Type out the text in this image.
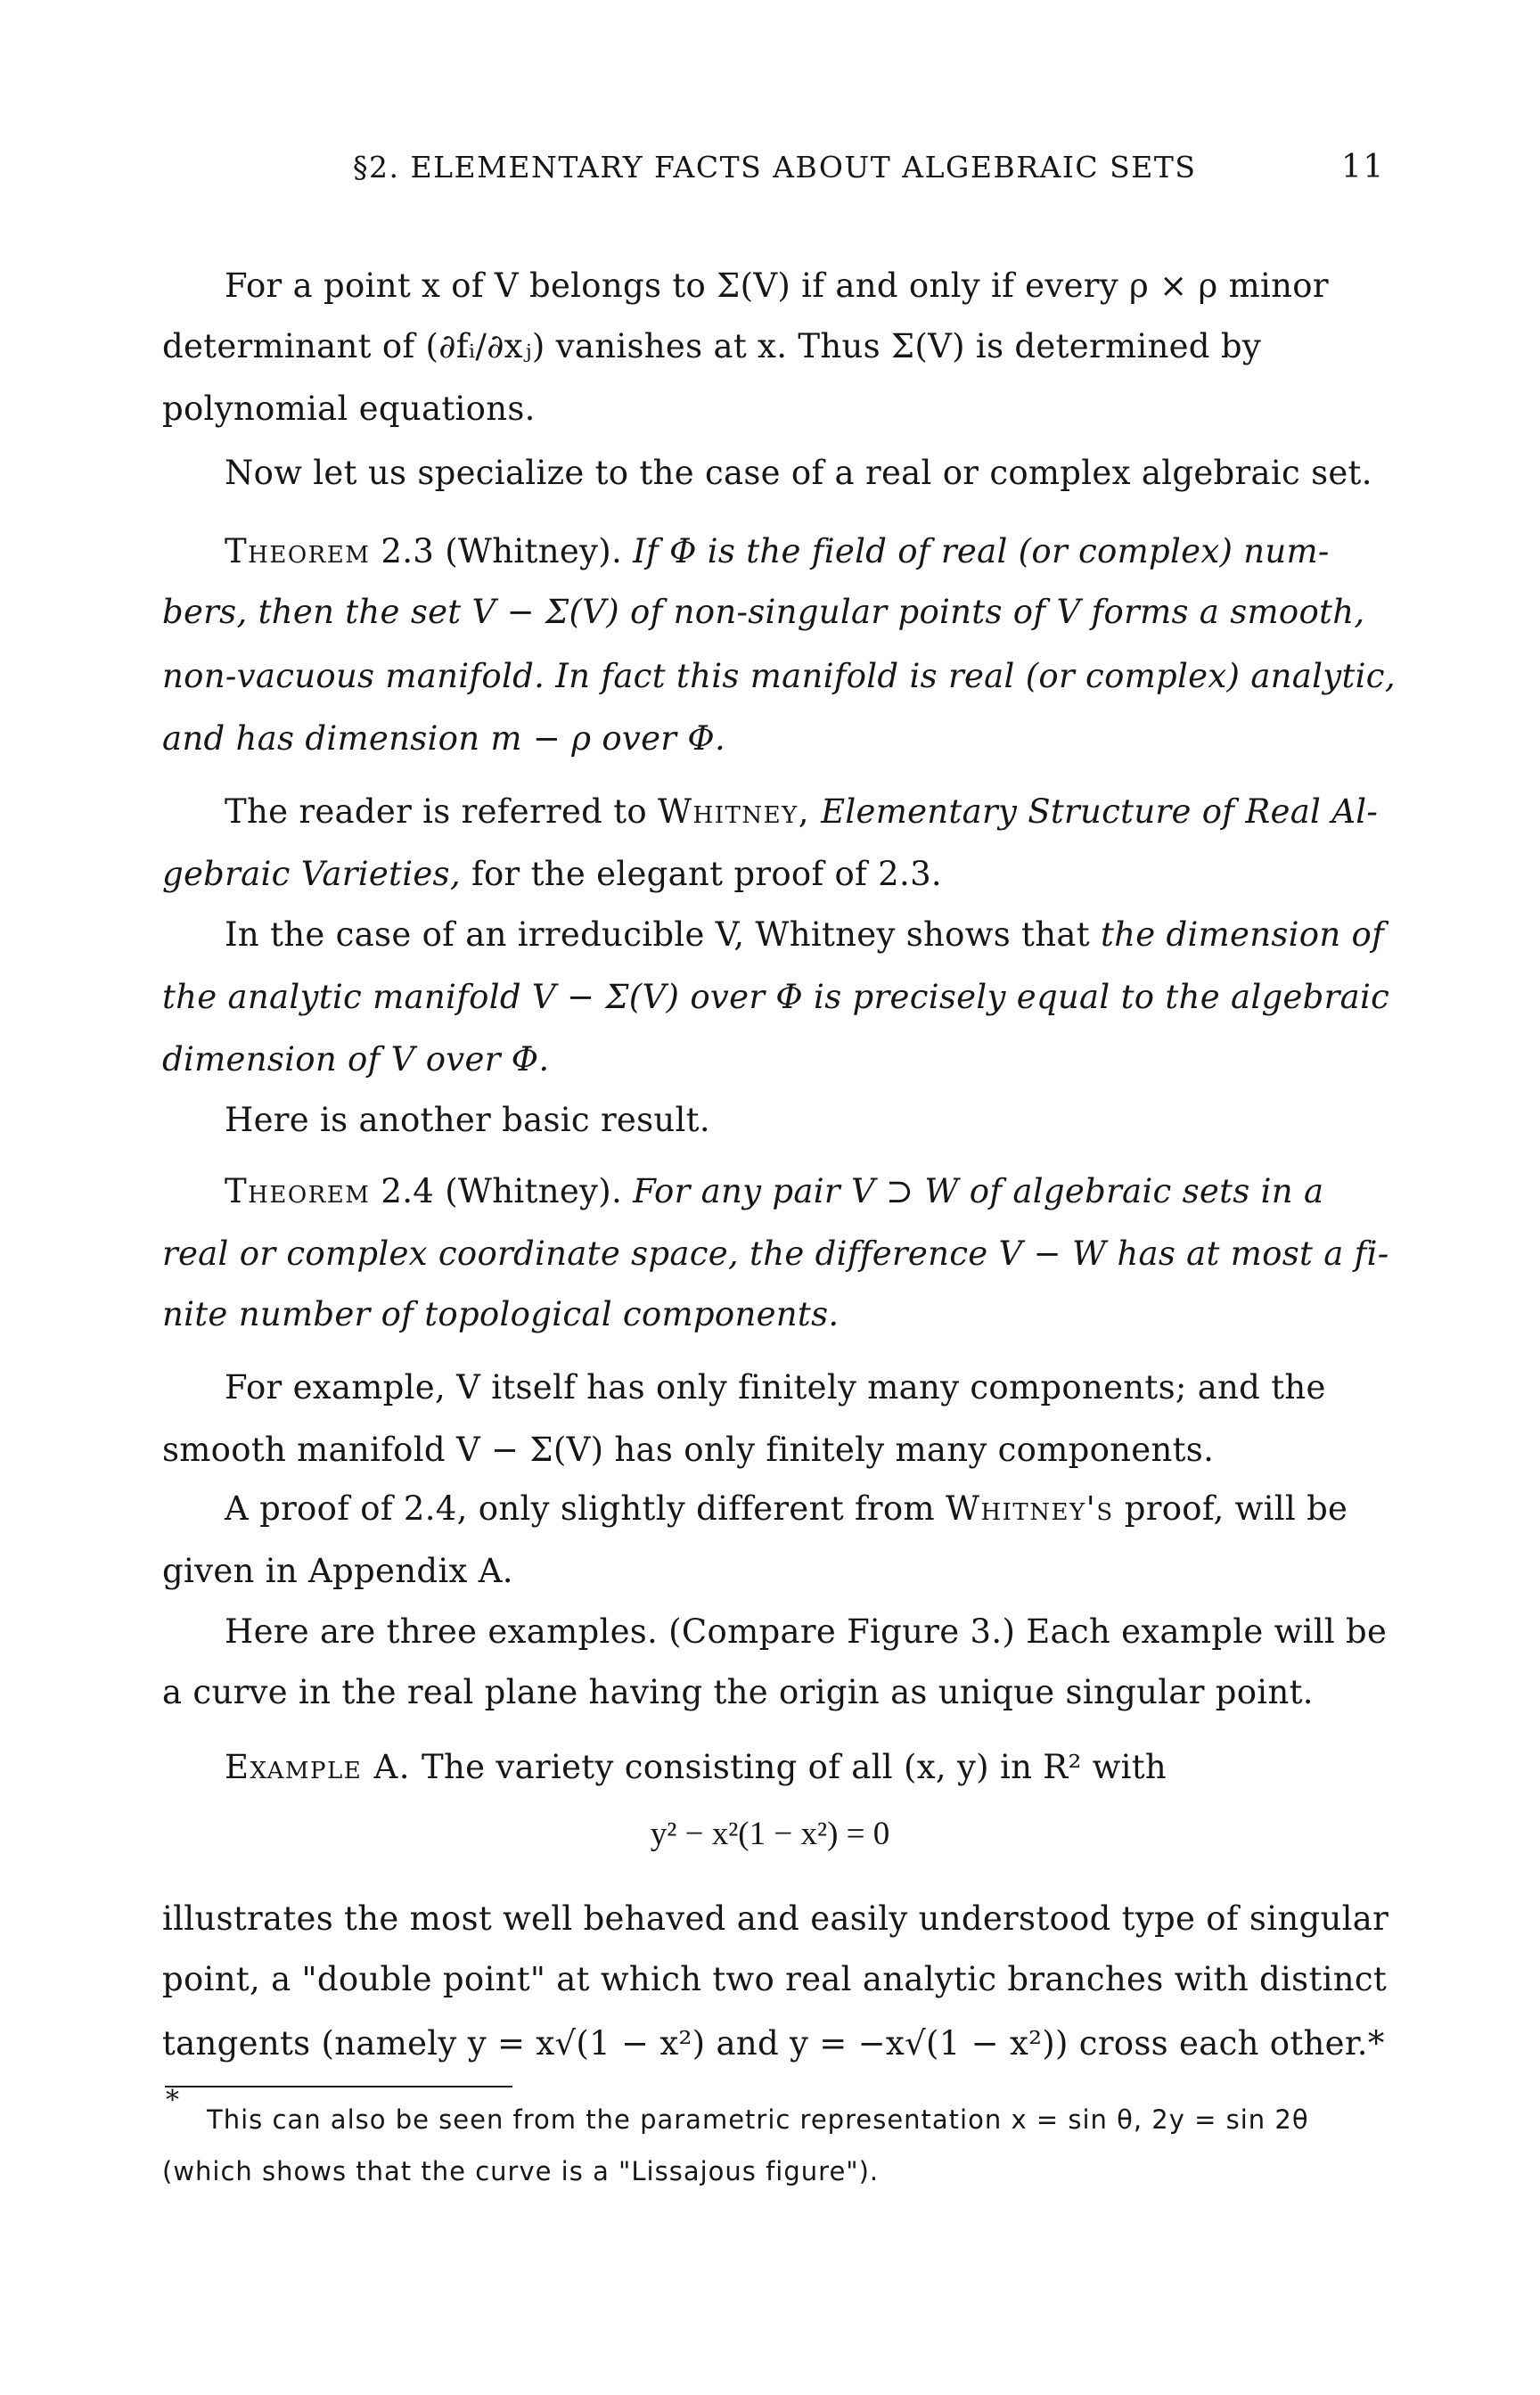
§2. ELEMENTARY FACTS ABOUT ALGEBRAIC SETS	11
For a point x of V belongs to Σ(V) if and only if every ρ × ρ minor
determinant of (∂fᵢ/∂xⱼ) vanishes at x. Thus Σ(V) is determined by
polynomial equations.
Now let us specialize to the case of a real or complex algebraic set.
Theorem 2.3 (Whitney). If Φ is the field of real (or complex) num-
bers, then the set V − Σ(V) of non-singular points of V forms a smooth,
non-vacuous manifold. In fact this manifold is real (or complex) analytic,
and has dimension m − ρ over Φ.
The reader is referred to Whitney, Elementary Structure of Real Al-
gebraic Varieties, for the elegant proof of 2.3.
In the case of an irreducible V, Whitney shows that the dimension of
the analytic manifold V − Σ(V) over Φ is precisely equal to the algebraic
dimension of V over Φ.
Here is another basic result.
Theorem 2.4 (Whitney). For any pair V ⊃ W of algebraic sets in a
real or complex coordinate space, the difference V − W has at most a fi-
nite number of topological components.
For example, V itself has only finitely many components; and the
smooth manifold V − Σ(V) has only finitely many components.
A proof of 2.4, only slightly different from Whitney's proof, will be
given in Appendix A.
Here are three examples. (Compare Figure 3.) Each example will be
a curve in the real plane having the origin as unique singular point.
Example A. The variety consisting of all (x, y) in R² with
y² − x²(1 − x²) = 0
illustrates the most well behaved and easily understood type of singular
point, a "double point" at which two real analytic branches with distinct
tangents (namely y = x√(1 − x²) and y = −x√(1 − x²)) cross each other.*
*
This can also be seen from the parametric representation x = sin θ, 2y = sin 2θ
(which shows that the curve is a "Lissajous figure").
